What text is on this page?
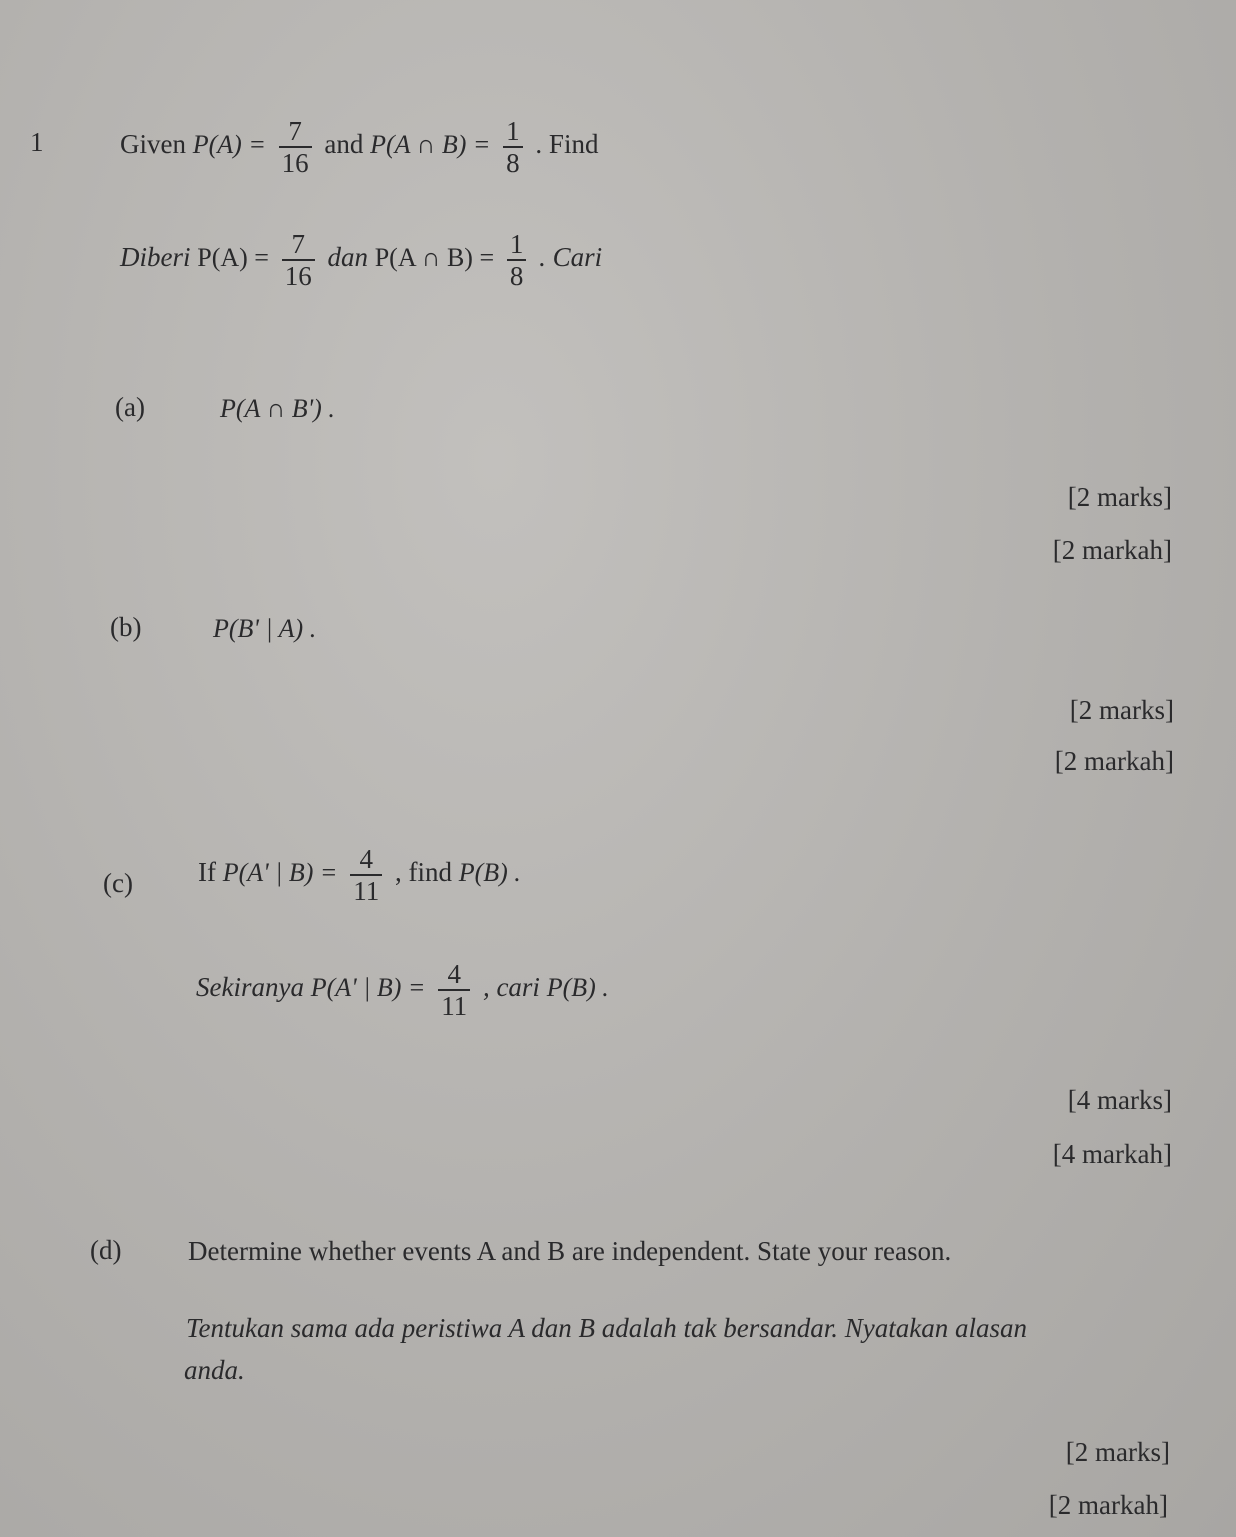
1	Given $P(A) = \frac{7}{16}$ and P(A ∩ $B) = \frac{1}{8}$ . Find
Diberi $P(A) = \frac{7}{16}$ dan P(A ∩ $B) = \frac{1}{8}$ . Cari
(a)	P(A ∩ B') .
[2 marks]
[2 markah]
(b)	P(B' | A) .
[2 marks]
[2 markah]
(c) If P(A' | $B) = \frac{4}{11}$ , find P(B) .
Sekiranya P(A' | $B) = \frac{4}{11}$ , cari P(B) .
[4 marks]
[4 markah]
(d) Determine whether events A and B are independent. State your reason.
Tentukan sama ada peristiwa A dan B adalah tak bersandar. Nyatakan alasan
anda.
[2 marks]
[2 markah]
